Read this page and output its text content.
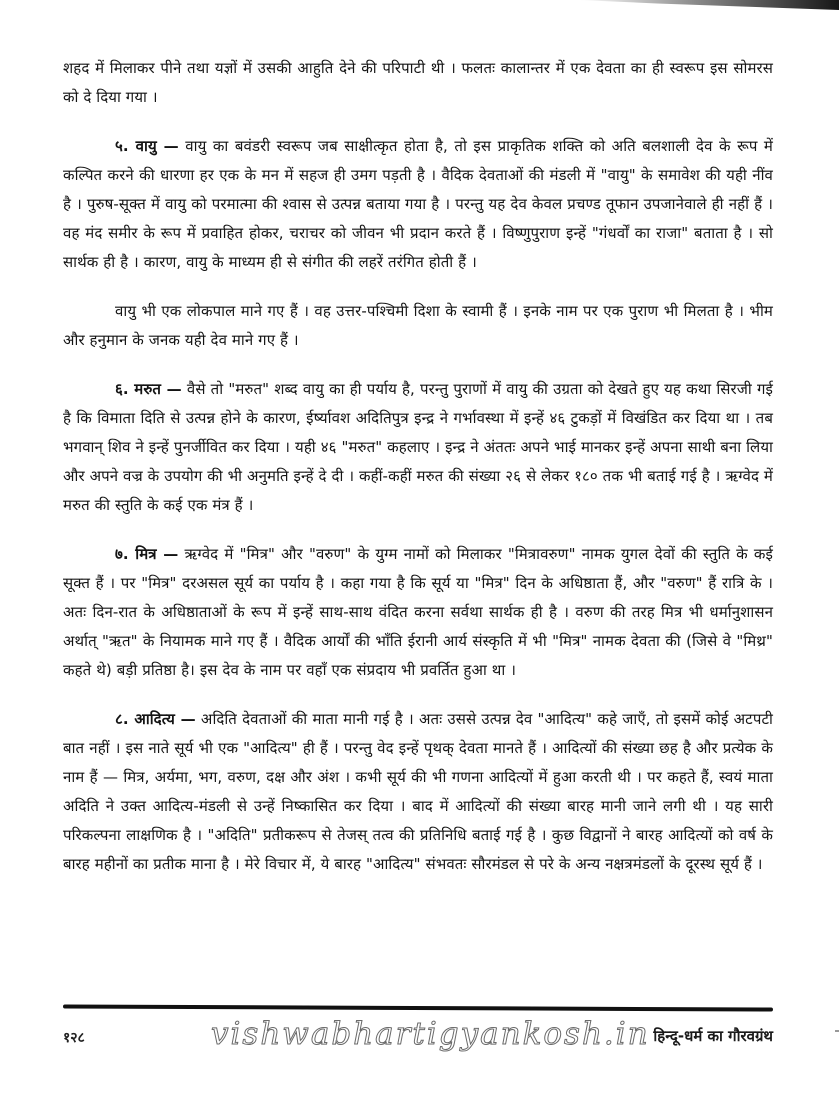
शहद में मिलाकर पीने तथा यज्ञों में उसकी आहुति देने की परिपाटी थी । फलतः कालान्तर में एक देवता का ही स्वरूप इस सोमरस को दे दिया गया ।

५. वायु — वायु का बवंडरी स्वरूप जब साक्षीत्कृत होता है, तो इस प्राकृतिक शक्ति को अति बलशाली देव के रूप में कल्पित करने की धारणा हर एक के मन में सहज ही उमग पड़ती है । वैदिक देवताओं की मंडली में "वायु" के समावेश की यही नींव है । पुरुष-सूक्त में वायु को परमात्मा की श्वास से उत्पन्न बताया गया है । परन्तु यह देव केवल प्रचण्ड तूफान उपजानेवाले ही नहीं हैं । वह मंद समीर के रूप में प्रवाहित होकर, चराचर को जीवन भी प्रदान करते हैं । विष्णुपुराण इन्हें "गंधर्वों का राजा" बताता है । सो सार्थक ही है । कारण, वायु के माध्यम ही से संगीत की लहरें तरंगित होती हैं ।

वायु भी एक लोकपाल माने गए हैं । वह उत्तर-पश्चिमी दिशा के स्वामी हैं । इनके नाम पर एक पुराण भी मिलता है । भीम और हनुमान के जनक यही देव माने गए हैं ।

६. मरुत — वैसे तो "मरुत" शब्द वायु का ही पर्याय है, परन्तु पुराणों में वायु की उग्रता को देखते हुए यह कथा सिरजी गई है कि विमाता दिति से उत्पन्न होने के कारण, ईर्ष्यावश अदितिपुत्र इन्द्र ने गर्भावस्था में इन्हें ४६ टुकड़ों में विखंडित कर दिया था । तब भगवान् शिव ने इन्हें पुनर्जीवित कर दिया । यही ४६ "मरुत" कहलाए । इन्द्र ने अंततः अपने भाई मानकर इन्हें अपना साथी बना लिया और अपने वज्र के उपयोग की भी अनुमति इन्हें दे दी । कहीं-कहीं मरुत की संख्या २६ से लेकर १८० तक भी बताई गई है । ऋग्वेद में मरुत की स्तुति के कई एक मंत्र हैं ।

७. मित्र — ऋग्वेद में "मित्र" और "वरुण" के युग्म नामों को मिलाकर "मित्रावरुण" नामक युगल देवों की स्तुति के कई सूक्त हैं । पर "मित्र" दरअसल सूर्य का पर्याय है । कहा गया है कि सूर्य या "मित्र" दिन के अधिष्ठाता हैं, और "वरुण" हैं रात्रि के । अतः दिन-रात के अधिष्ठाताओं के रूप में इन्हें साथ-साथ वंदित करना सर्वथा सार्थक ही है । वरुण की तरह मित्र भी धर्मानुशासन अर्थात् "ऋत" के नियामक माने गए हैं । वैदिक आर्यों की भाँति ईरानी आर्य संस्कृति में भी "मित्र" नामक देवता की (जिसे वे "मिथ्र" कहते थे) बड़ी प्रतिष्ठा है। इस देव के नाम पर वहाँ एक संप्रदाय भी प्रवर्तित हुआ था ।

८. आदित्य — अदिति देवताओं की माता मानी गई है । अतः उससे उत्पन्न देव "आदित्य" कहे जाएँ, तो इसमें कोई अटपटी बात नहीं । इस नाते सूर्य भी एक "आदित्य" ही हैं । परन्तु वेद इन्हें पृथक् देवता मानते हैं । आदित्यों की संख्या छह है और प्रत्येक के नाम हैं — मित्र, अर्यमा, भग, वरुण, दक्ष और अंश । कभी सूर्य की भी गणना आदित्यों में हुआ करती थी । पर कहते हैं, स्वयं माता अदिति ने उक्त आदित्य-मंडली से उन्हें निष्कासित कर दिया । बाद में आदित्यों की संख्या बारह मानी जाने लगी थी । यह सारी परिकल्पना लाक्षणिक है । "अदिति" प्रतीकरूप से तेजस् तत्व की प्रतिनिधि बताई गई है । कुछ विद्वानों ने बारह आदित्यों को वर्ष के बारह महीनों का प्रतीक माना है । मेरे विचार में, ये बारह "आदित्य" संभवतः सौरमंडल से परे के अन्य नक्षत्रमंडलों के दूरस्थ सूर्य हैं ।

१२८	vishwabhartigyankosh.in हिन्दू-धर्म का गौरवग्रंथ
